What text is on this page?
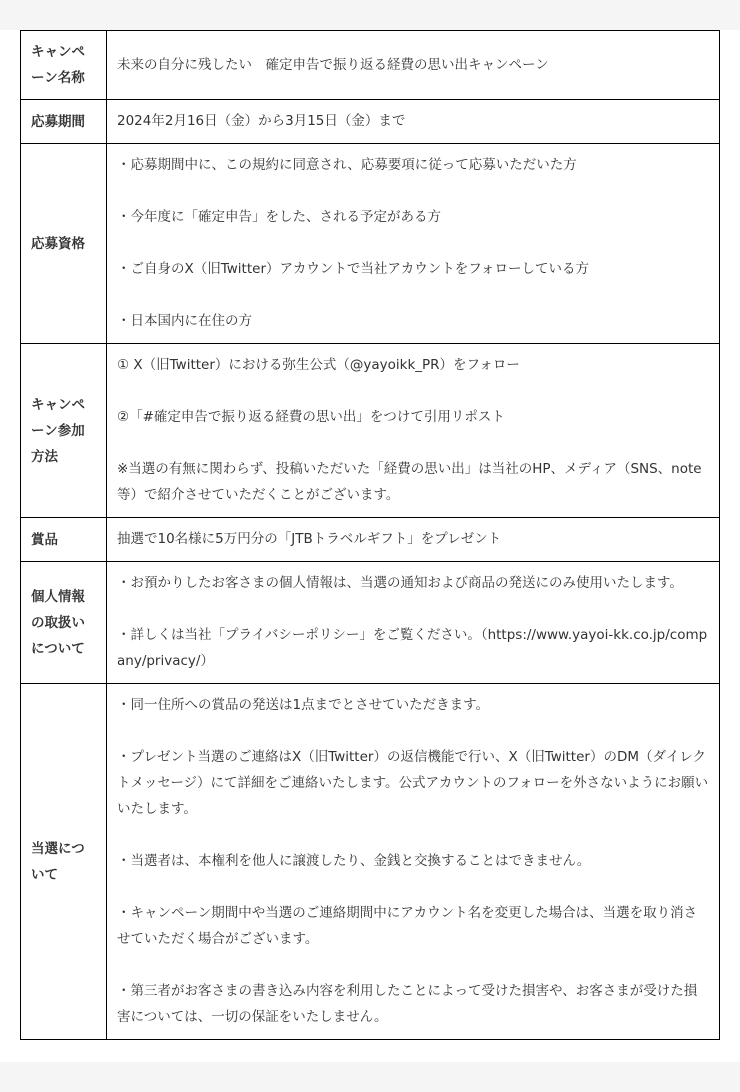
キャンペーン名称	未来の自分に残したい　確定申告で振り返る経費の思い出キャンペーン

応募期間	2024年2月16日（金）から3月15日（金）まで

応募資格	・応募期間中に、この規約に同意され、応募要項に従って応募いただいた方
・今年度に「確定申告」をした、される予定がある方
・ご自身のX（旧Twitter）アカウントで当社アカウントをフォローしている方
・日本国内に在住の方

キャンペーン参加方法	① X（旧Twitter）における弥生公式（@yayoikk_PR）をフォロー
②「#確定申告で振り返る経費の思い出」をつけて引用リポスト
※当選の有無に関わらず、投稿いただいた「経費の思い出」は当社のHP、メディア（SNS、note等）で紹介させていただくことがございます。

賞品	抽選で10名様に5万円分の「JTBトラベルギフト」をプレゼント

個人情報の取扱いについて	・お預かりしたお客さまの個人情報は、当選の通知および商品の発送にのみ使用いたします。
・詳しくは当社「プライバシーポリシー」をご覧ください。（https://www.yayoi-kk.co.jp/company/privacy/）

当選について	・同一住所への賞品の発送は1点までとさせていただきます。
・プレゼント当選のご連絡はX（旧Twitter）の返信機能で行い、X（旧Twitter）のDM（ダイレクトメッセージ）にて詳細をご連絡いたします。公式アカウントのフォローを外さないようにお願いいたします。
・当選者は、本権利を他人に譲渡したり、金銭と交換することはできません。
・キャンペーン期間中や当選のご連絡期間中にアカウント名を変更した場合は、当選を取り消させていただく場合がございます。
・第三者がお客さまの書き込み内容を利用したことによって受けた損害や、お客さまが受けた損害については、一切の保証をいたしません。
